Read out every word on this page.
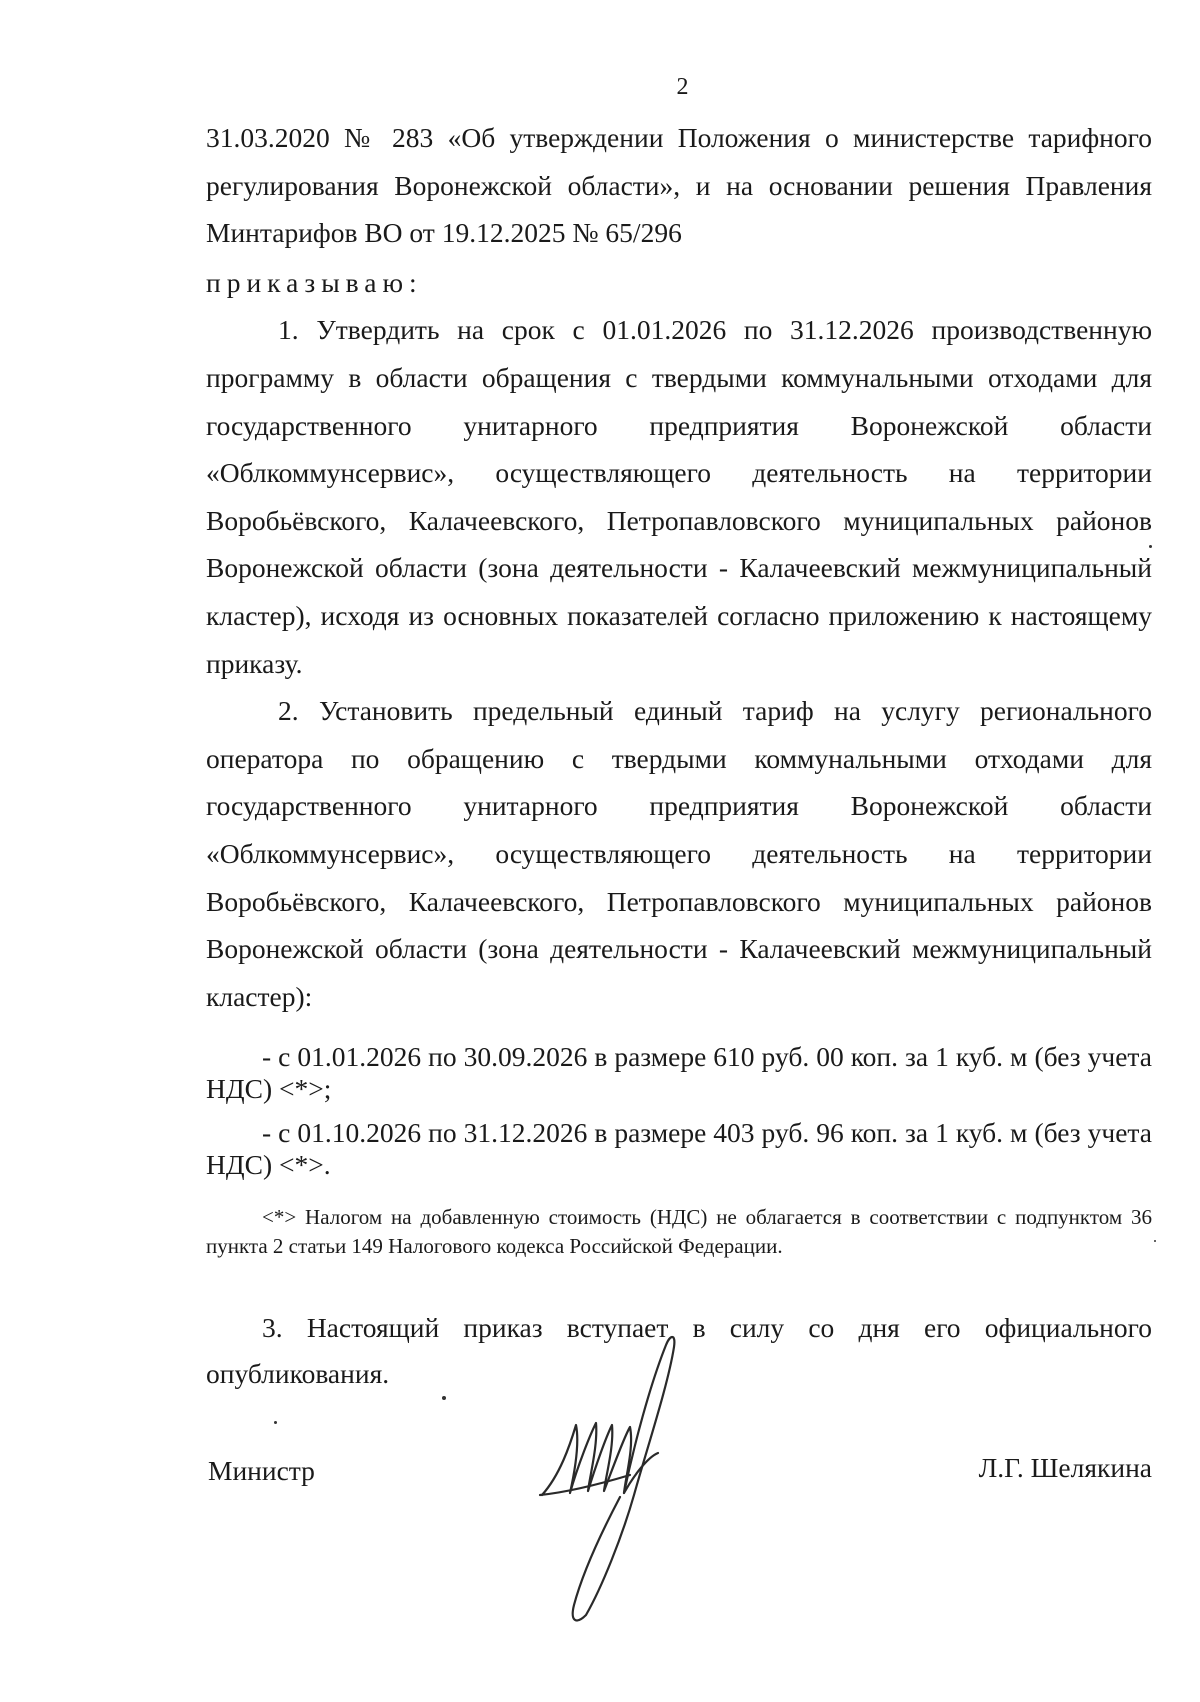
2

31.03.2020 № 283 «Об утверждении Положения о министерстве тарифного регулирования Воронежской области», и на основании решения Правления Минтарифов ВО от 19.12.2025 № 65/296

приказываю:

1. Утвердить на срок с 01.01.2026 по 31.12.2026 производственную программу в области обращения с твердыми коммунальными отходами для государственного унитарного предприятия Воронежской области «Облкоммунсервис», осуществляющего деятельность на территории Воробьёвского, Калачеевского, Петропавловского муниципальных районов Воронежской области (зона деятельности - Калачеевский межмуниципальный кластер), исходя из основных показателей согласно приложению к настоящему приказу.

2. Установить предельный единый тариф на услугу регионального оператора по обращению с твердыми коммунальными отходами для государственного унитарного предприятия Воронежской области «Облкоммунсервис», осуществляющего деятельность на территории Воробьёвского, Калачеевского, Петропавловского муниципальных районов Воронежской области (зона деятельности - Калачеевский межмуниципальный кластер):

- с 01.01.2026 по 30.09.2026 в размере 610 руб. 00 коп. за 1 куб. м (без учета НДС) <*>;

- с 01.10.2026 по 31.12.2026 в размере 403 руб. 96 коп. за 1 куб. м (без учета НДС) <*>.

<*> Налогом на добавленную стоимость (НДС) не облагается в соответствии с подпунктом 36 пункта 2 статьи 149 Налогового кодекса Российской Федерации.

3. Настоящий приказ вступает в силу со дня его официального опубликования.

Министр	Л.Г. Шелякина
